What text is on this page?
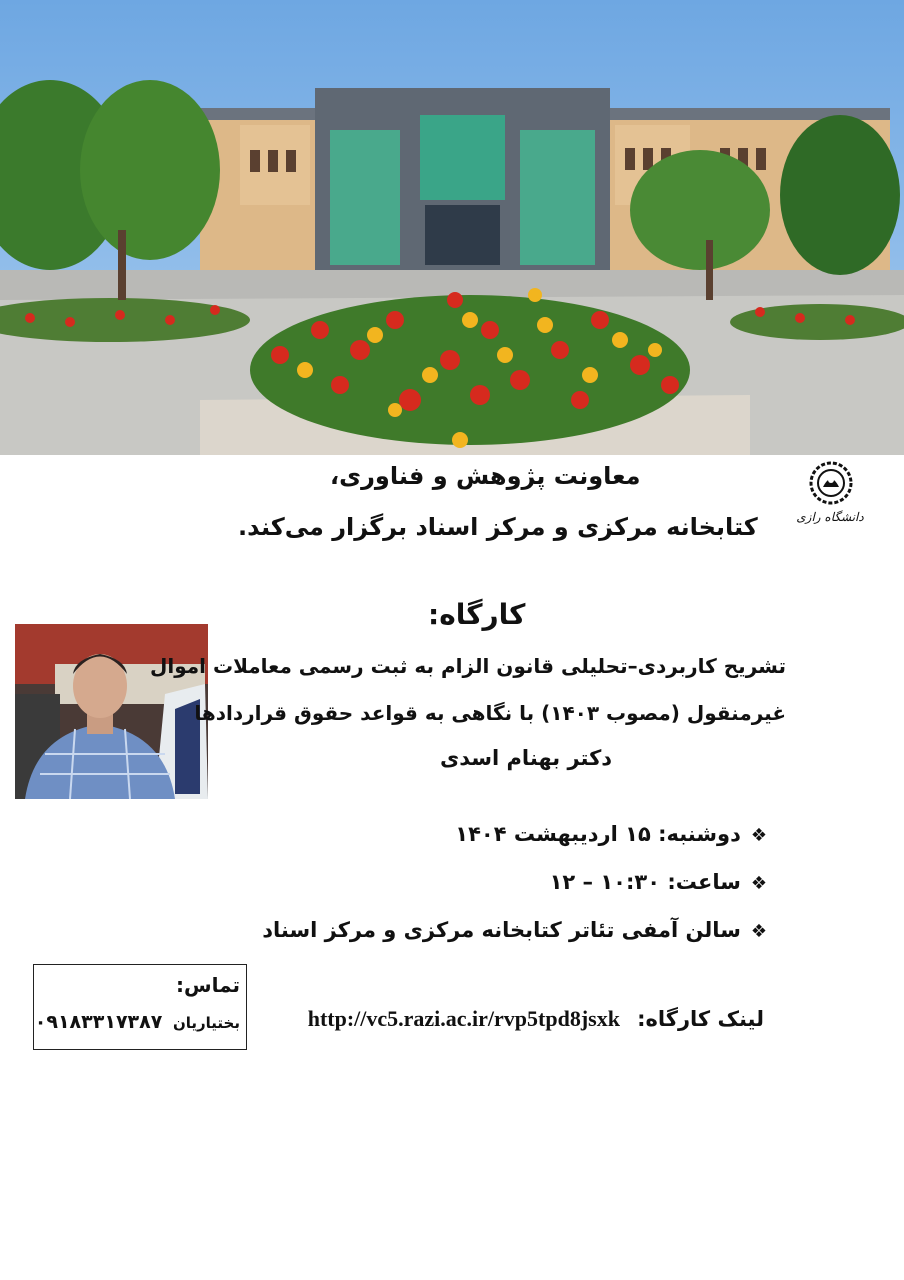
دانشگاه رازی
معاونت پژوهش و فناوری،
کتابخانه مرکزی و مرکز اسناد برگزار می‌کند.
کارگاه:
تشریح کاربردی–تحلیلی قانون الزام به ثبت رسمی معاملات اموال
غیرمنقول (مصوب ۱۴۰۳) با نگاهی به قواعد حقوق قراردادها
دکتر بهنام اسدی
❖دوشنبه: ۱۵ اردیبهشت ۱۴۰۴
❖ساعت: ۱۰:۳۰ – ۱۲
❖سالن آمفی تئاتر کتابخانه مرکزی و مرکز اسناد
تماس:
بختیاریان ۰۹۱۸۳۳۱۷۳۸۷	لینک کارگاه: http://vc5.razi.ac.ir/rvp5tpd8jsxk
